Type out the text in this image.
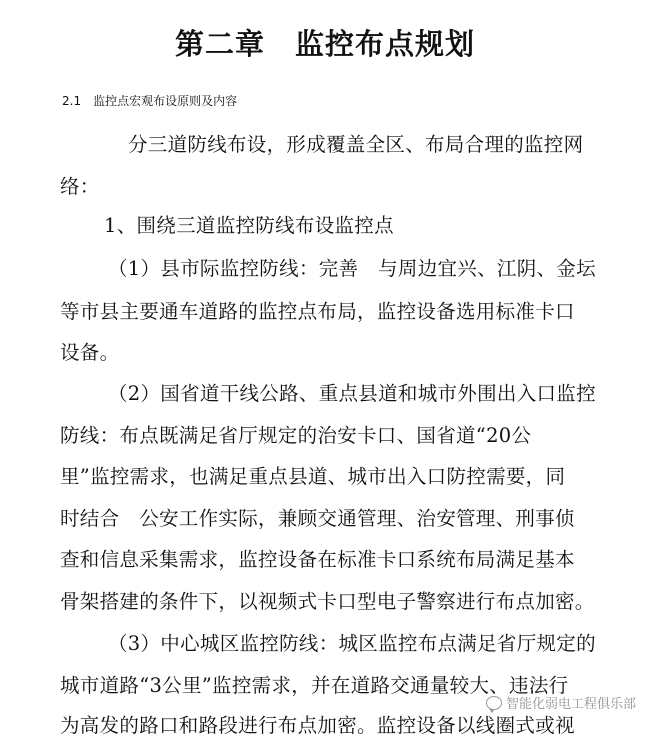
第二章　监控布点规划
2.1　监控点宏观布设原则及内容
分三道防线布设，形成覆盖全区、布局合理的监控网
络：
1、围绕三道监控防线布设监控点
（1）县市际监控防线：完善　与周边宜兴、江阴、金坛
等市县主要通车道路的监控点布局，监控设备选用标准卡口
设备。
（2）国省道干线公路、重点县道和城市外围出入口监控
防线：布点既满足省厅规定的治安卡口、国省道“20公
里”监控需求，也满足重点县道、城市出入口防控需要，同
时结合　公安工作实际，兼顾交通管理、治安管理、刑事侦
查和信息采集需求，监控设备在标准卡口系统布局满足基本
骨架搭建的条件下，以视频式卡口型电子警察进行布点加密。
（3）中心城区监控防线：城区监控布点满足省厅规定的
城市道路“3公里”监控需求，并在道路交通量较大、违法行
为高发的路口和路段进行布点加密。监控设备以线圈式或视
智能化弱电工程俱乐部
